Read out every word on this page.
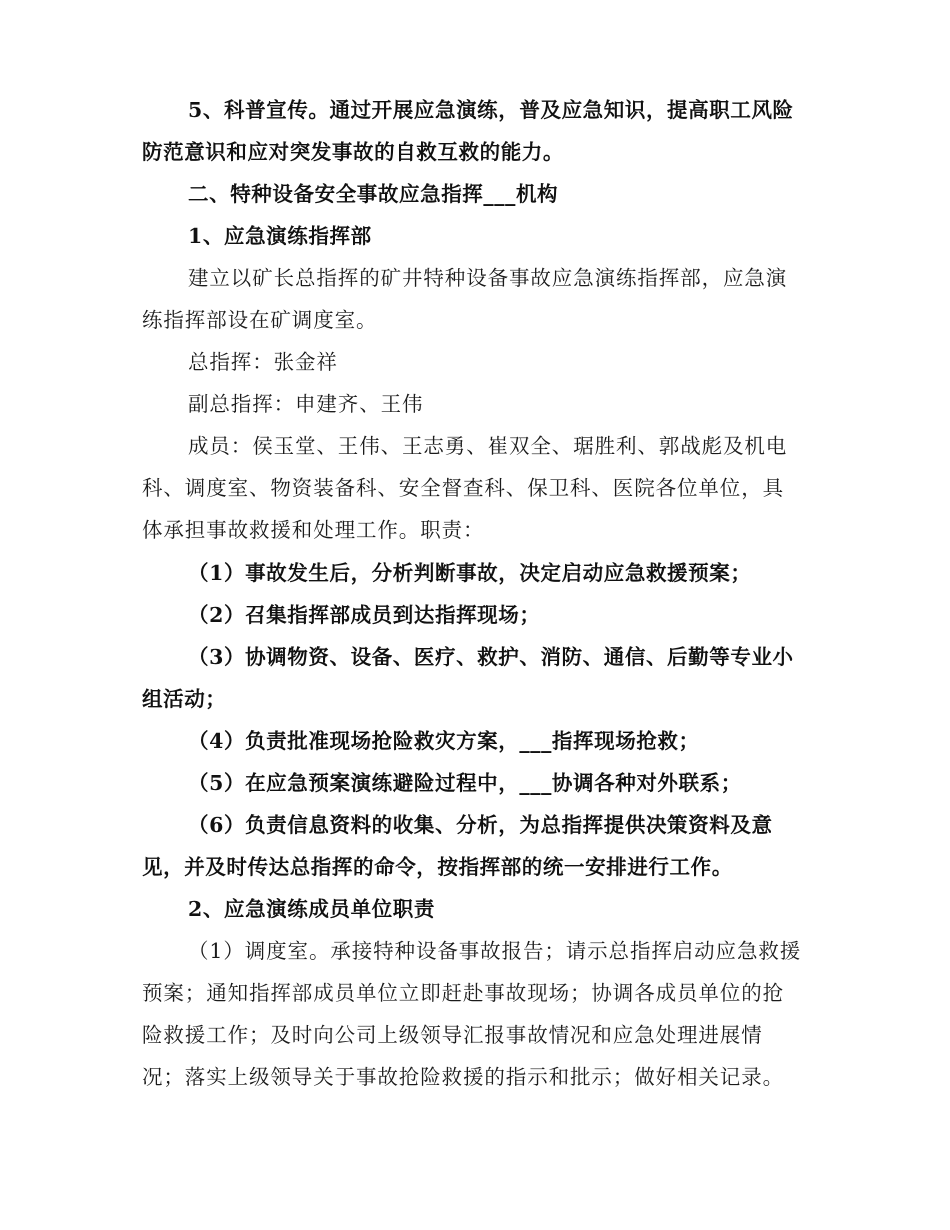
5、科普宣传。通过开展应急演练，普及应急知识，提高职工风险
防范意识和应对突发事故的自救互救的能力。
二、特种设备安全事故应急指挥___机构
1、应急演练指挥部
建立以矿长总指挥的矿井特种设备事故应急演练指挥部，应急演
练指挥部设在矿调度室。
总指挥：张金祥
副总指挥：申建齐、王伟
成员：侯玉堂、王伟、王志勇、崔双全、琚胜利、郭战彪及机电
科、调度室、物资装备科、安全督查科、保卫科、医院各位单位，具
体承担事故救援和处理工作。职责：
（1）事故发生后，分析判断事故，决定启动应急救援预案；
（2）召集指挥部成员到达指挥现场；
（3）协调物资、设备、医疗、救护、消防、通信、后勤等专业小
组活动；
（4）负责批准现场抢险救灾方案，___指挥现场抢救；
（5）在应急预案演练避险过程中，___协调各种对外联系；
（6）负责信息资料的收集、分析，为总指挥提供决策资料及意
见，并及时传达总指挥的命令，按指挥部的统一安排进行工作。
2、应急演练成员单位职责
（1）调度室。承接特种设备事故报告；请示总指挥启动应急救援
预案；通知指挥部成员单位立即赶赴事故现场；协调各成员单位的抢
险救援工作；及时向公司上级领导汇报事故情况和应急处理进展情
况；落实上级领导关于事故抢险救援的指示和批示；做好相关记录。
